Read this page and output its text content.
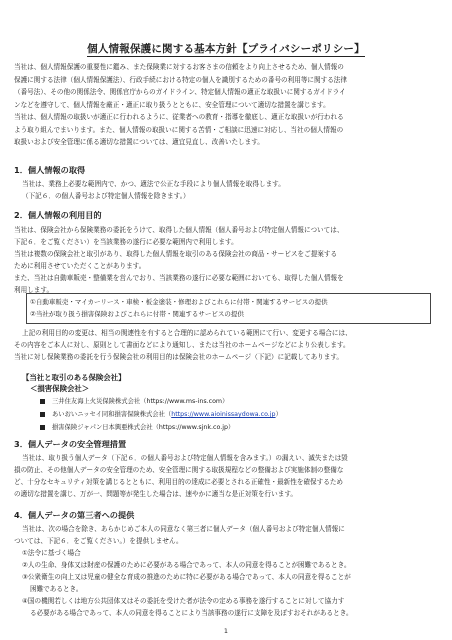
個人情報保護に関する基本方針【プライバシーポリシー】
当社は、個人情報保護の重要性に鑑み、また保険業に対するお客さまの信頼をより向上させるため、個人情報の
保護に関する法律（個人情報保護法）、行政手続における特定の個人を識別するための番号の利用等に関する法律
（番号法）、その他の関係法令、関係官庁からのガイドライン、特定個人情報の適正な取扱いに関するガイドライ
ンなどを遵守して、個人情報を厳正・適正に取り扱うとともに、安全管理について適切な措置を講じます。
当社は、個人情報の取扱いが適正に行われるように、従業者への教育・指導を徹底し、適正な取扱いが行われる
よう取り組んでまいります。また、個人情報の取扱いに関する苦情・ご相談に迅速に対応し、当社の個人情報の
取扱いおよび安全管理に係る適切な措置については、適宜見直し、改善いたします。
1．個人情報の取得
当社は、業務上必要な範囲内で、かつ、適法で公正な手段により個人情報を取得します。
（下記６．の個人番号および特定個人情報を除きます。）
2．個人情報の利用目的
当社は、保険会社から保険業務の委託をうけて、取得した個人情報（個人番号および特定個人情報については、
下記６．をご覧ください）を当該業務の遂行に必要な範囲内で利用します。
当社は複数の保険会社と取引があり、取得した個人情報を取引のある保険会社の商品・サービスをご提案する
ために利用させていただくことがあります。
また、当社は自動車販売・整備業を営んでおり、当該業務の遂行に必要な範囲においても、取得した個人情報を
利用します。
①自動車販売・マイカーリース・車検・板金塗装・修理およびこれらに付帯・関連するサービスの提供
②当社が取り扱う損害保険およびこれらに付帯・関連するサービスの提供
上記の利用目的の変更は、相当の関連性を有すると合理的に認められている範囲にて行い、変更する場合には、
その内容をご本人に対し、原則として書面などにより通知し、または当社のホームページなどにより公表します。
当社に対し保険業務の委託を行う保険会社の利用目的は保険会社のホームページ（下記）に記載してあります。
【当社と取引のある保険会社】
＜損害保険会社＞
三井住友海上火災保険株式会社（https://www.ms-ins.com）
あいおいニッセイ同和損害保険株式会社（https://www.aioinissaydowa.co.jp）
損害保険ジャパン日本興亜株式会社（https://www.sjnk.co.jp）
3．個人データの安全管理措置
当社は、取り扱う個人データ（下記６．の個人番号および特定個人情報を含みます。）の漏えい、滅失または毀
損の防止、その他個人データの安全管理のため、安全管理に関する取扱規程などの整備および実施体制の整備な
ど、十分なセキュリティ対策を講じるとともに、利用目的の達成に必要とされる正確性・最新性を確保するため
の適切な措置を講じ、万が一、問題等が発生した場合は、速やかに適当な是正対策を行います。
4．個人データの第三者への提供
当社は、次の場合を除き、あらかじめご本人の同意なく第三者に個人データ（個人番号および特定個人情報に
ついては、下記６．をご覧ください。）を提供しません。
①法令に基づく場合
②人の生命、身体又は財産の保護のために必要がある場合であって、本人の同意を得ることが困難であるとき。
③公衆衛生の向上又は児童の健全な育成の推進のために特に必要がある場合であって、本人の同意を得ることが
困難であるとき。
④国の機関若しくは地方公共団体又はその委託を受けた者が法令の定める事務を遂行することに対して協力す
る必要がある場合であって、本人の同意を得ることにより当該事務の遂行に支障を及ぼすおそれがあるとき。
1
